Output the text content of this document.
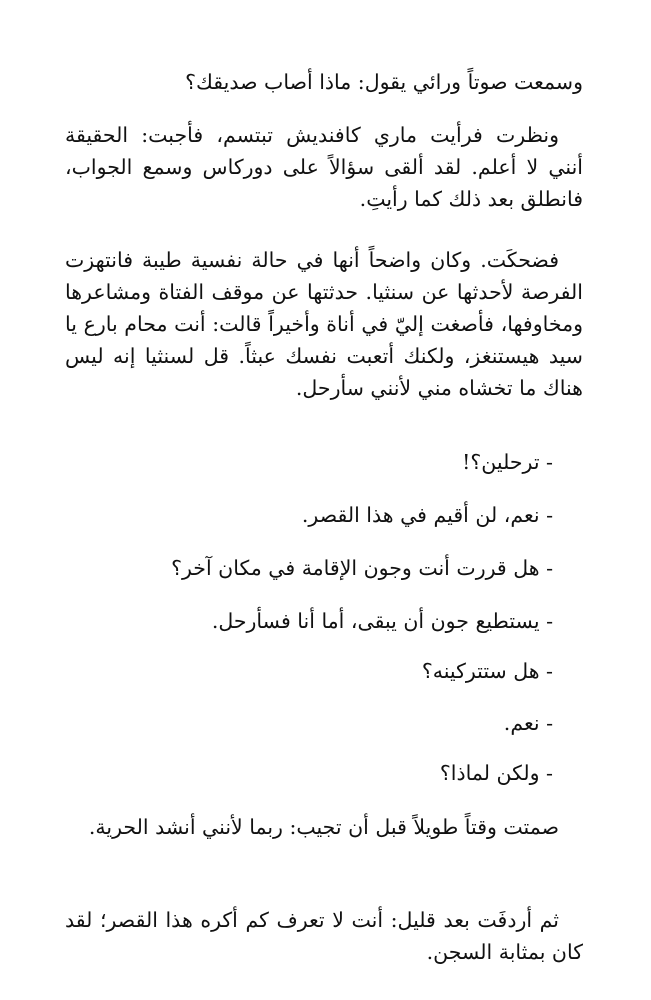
وسمعت صوتاً ورائي يقول: ماذا أصاب صديقك؟

ونظرت فرأيت ماري كافنديش تبتسم، فأجبت: الحقيقة أنني لا أعلم. لقد ألقى سؤالاً على دوركاس وسمع الجواب، فانطلق بعد ذلك كما رأيتِ.

فضحكَت. وكان واضحاً أنها في حالة نفسية طيبة فانتهزت الفرصة لأحدثها عن سنثيا. حدثتها عن موقف الفتاة ومشاعرها ومخاوفها، فأصغت إليّ في أناة وأخيراً قالت: أنت محام بارع يا سيد هيستنغز، ولكنك أتعبت نفسك عبثاً. قل لسنثيا إنه ليس هناك ما تخشاه مني لأنني سأرحل.

- ترحلين؟!

- نعم، لن أقيم في هذا القصر.

- هل قررت أنت وجون الإقامة في مكان آخر؟

- يستطيع جون أن يبقى، أما أنا فسأرحل.

- هل ستتركينه؟

- نعم.

- ولكن لماذا؟

صمتت وقتاً طويلاً قبل أن تجيب: ربما لأنني أنشد الحرية.

ثم أردفَت بعد قليل: أنت لا تعرف كم أكره هذا القصر؛ لقد كان بمثابة السجن.
